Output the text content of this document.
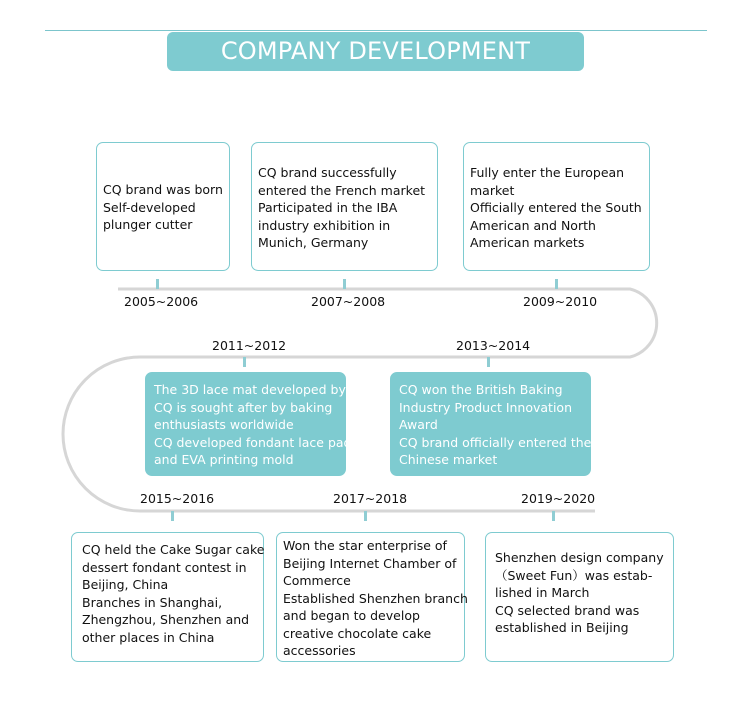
COMPANY DEVELOPMENT HISTORY
CQ brand was born
Self-developed
plunger cutter
CQ brand successfully
entered the French market
Participated in the IBA
industry exhibition in
Munich, Germany
Fully enter the European
market
Officially entered the South
American and North
American markets
2005~2006	2007~2008	2009~2010
2011~2012	2013~2014
The 3D lace mat developed by
CQ is sought after by baking
enthusiasts worldwide
CQ developed fondant lace pad
and EVA printing mold
CQ won the British Baking
Industry Product Innovation
Award
CQ brand officially entered the
Chinese market
2015~2016	2017~2018	2019~2020
CQ held the Cake Sugar cake
dessert fondant contest in
Beijing, China
Branches in Shanghai,
Zhengzhou, Shenzhen and
other places in China
Won the star enterprise of
Beijing Internet Chamber of
Commerce
Established Shenzhen branch
and began to develop
creative chocolate cake
accessories
Shenzhen design company
（Sweet Fun）was estab-
lished in March
CQ selected brand was
established in Beijing
